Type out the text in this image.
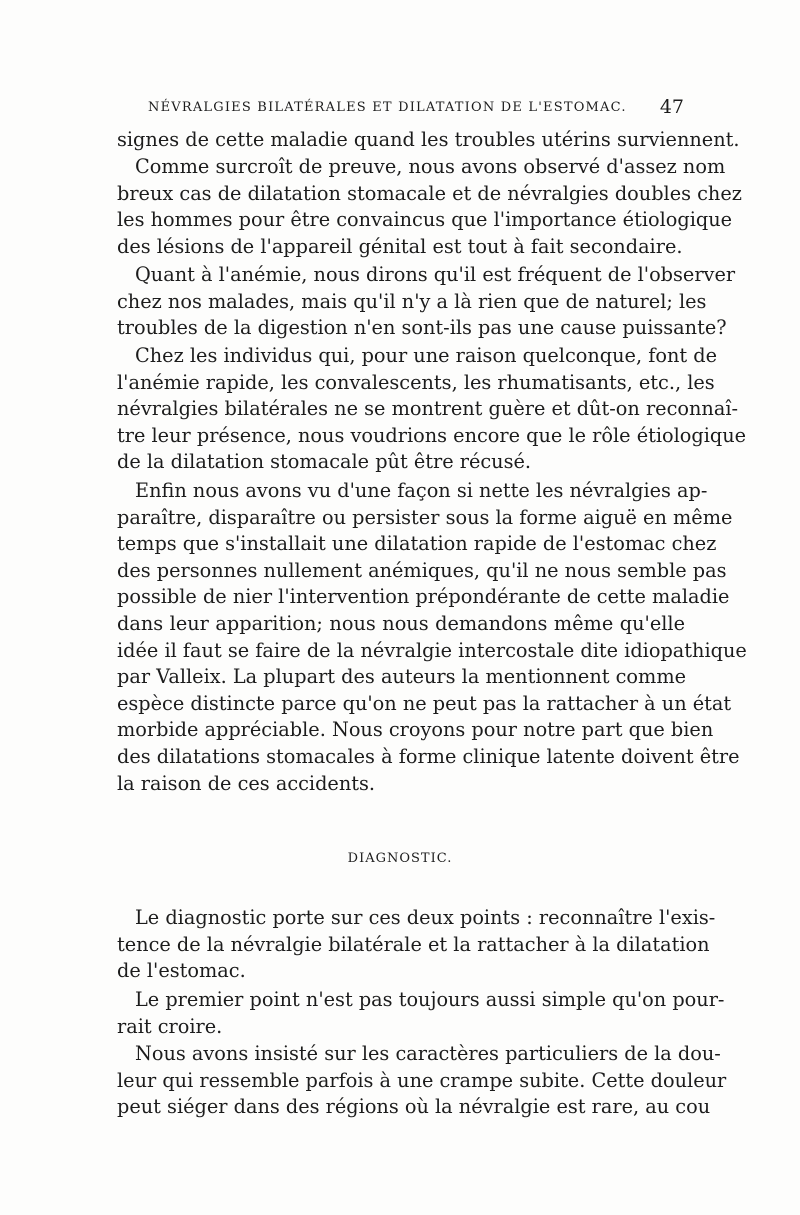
NÉVRALGIES BILATÉRALES ET DILATATION DE L'ESTOMAC. 47

signes de cette maladie quand les troubles utérins surviennent.

Comme surcroît de preuve, nous avons observé d'assez nom
breux cas de dilatation stomacale et de névralgies doubles chez
les hommes pour être convaincus que l'importance étiologique
des lésions de l'appareil génital est tout à fait secondaire.

Quant à l'anémie, nous dirons qu'il est fréquent de l'observer
chez nos malades, mais qu'il n'y a là rien que de naturel; les
troubles de la digestion n'en sont-ils pas une cause puissante?

Chez les individus qui, pour une raison quelconque, font de
l'anémie rapide, les convalescents, les rhumatisants, etc., les
névralgies bilatérales ne se montrent guère et dût-on reconnaî-
tre leur présence, nous voudrions encore que le rôle étiologique
de la dilatation stomacale pût être récusé.

Enfin nous avons vu d'une façon si nette les névralgies ap-
paraître, disparaître ou persister sous la forme aiguë en même
temps que s'installait une dilatation rapide de l'estomac chez
des personnes nullement anémiques, qu'il ne nous semble pas
possible de nier l'intervention prépondérante de cette maladie
dans leur apparition; nous nous demandons même qu'elle
idée il faut se faire de la névralgie intercostale dite idiopathique
par Valleix. La plupart des auteurs la mentionnent comme
espèce distincte parce qu'on ne peut pas la rattacher à un état
morbide appréciable. Nous croyons pour notre part que bien
des dilatations stomacales à forme clinique latente doivent être
la raison de ces accidents.

DIAGNOSTIC.

Le diagnostic porte sur ces deux points : reconnaître l'exis-
tence de la névralgie bilatérale et la rattacher à la dilatation
de l'estomac.

Le premier point n'est pas toujours aussi simple qu'on pour-
rait croire.

Nous avons insisté sur les caractères particuliers de la dou-
leur qui ressemble parfois à une crampe subite. Cette douleur
peut siéger dans des régions où la névralgie est rare, au cou
